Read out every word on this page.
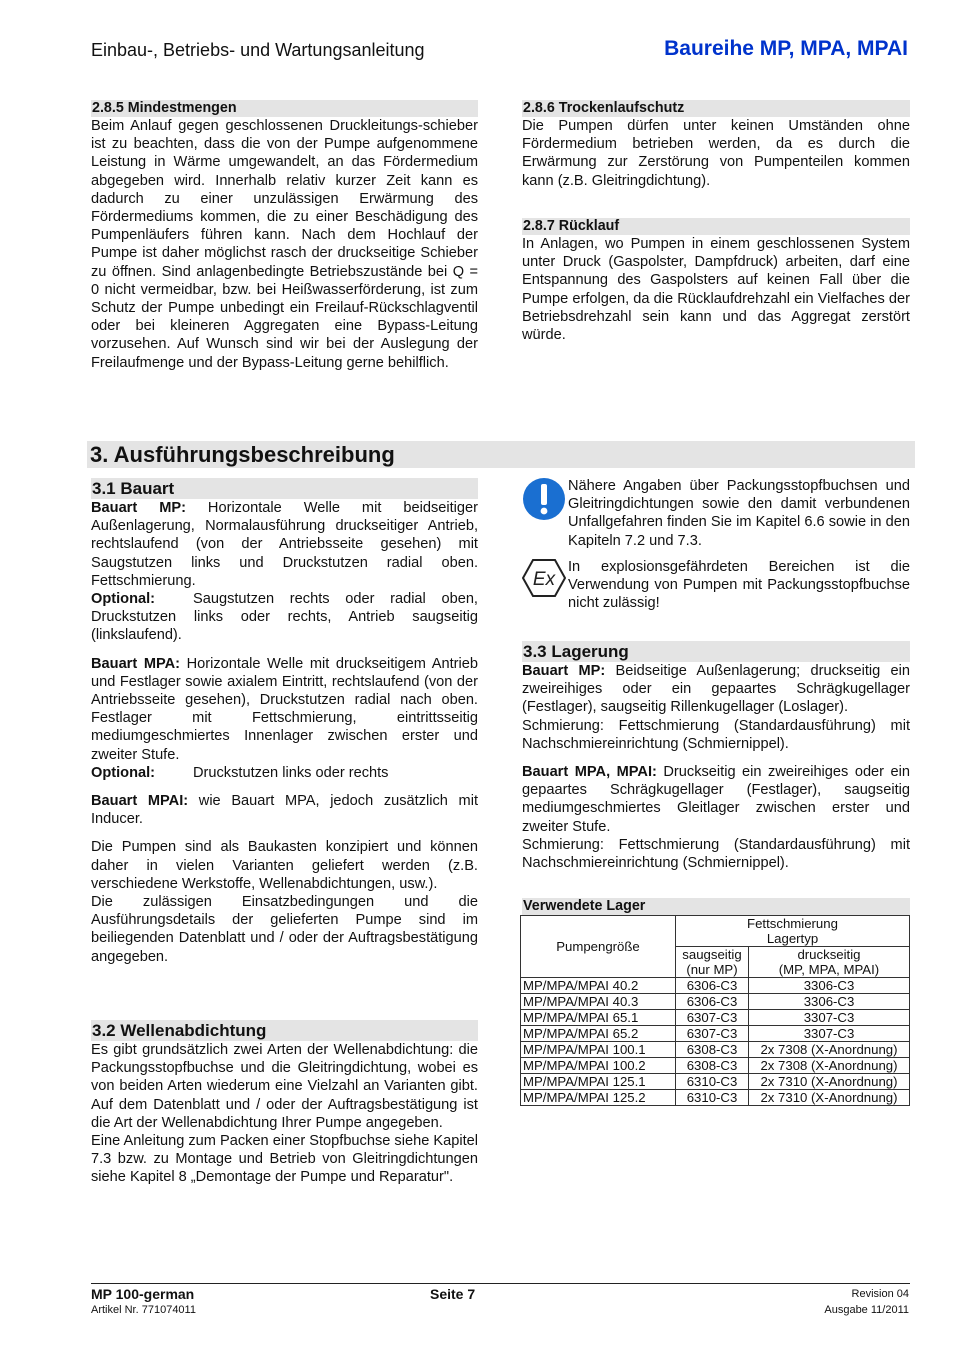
Einbau-, Betriebs- und Wartungsanleitung	Baureihe MP, MPA, MPAI
2.8.5 Mindestmengen

Beim Anlauf gegen geschlossenen Druckleitungs-schieber ist zu beachten, dass die von der Pumpe aufgenommene Leistung in Wärme umgewandelt, an das Fördermedium abgegeben wird. Innerhalb relativ kurzer Zeit kann es dadurch zu einer unzulässigen Erwärmung des Fördermediums kommen, die zu einer Beschädigung des Pumpenläufers führen kann. Nach dem Hochlauf der Pumpe ist daher möglichst rasch der druckseitige Schieber zu öffnen. Sind anlagenbedingte Betriebszustände bei Q = 0 nicht vermeidbar, bzw. bei Heißwasserförderung, ist zum Schutz der Pumpe unbedingt ein Freilauf-Rückschlagventil oder bei kleineren Aggregaten eine Bypass-Leitung vorzusehen. Auf Wunsch sind wir bei der Auslegung der Freilaufmenge und der Bypass-Leitung gerne behilflich.

2.8.6 Trockenlaufschutz

Die Pumpen dürfen unter keinen Umständen ohne Fördermedium betrieben werden, da es durch die Erwärmung zur Zerstörung von Pumpenteilen kommen kann (z.B. Gleitringdichtung).

2.8.7 Rücklauf

In Anlagen, wo Pumpen in einem geschlossenen System unter Druck (Gaspolster, Dampfdruck) arbeiten, darf eine Entspannung des Gaspolsters auf keinen Fall über die Pumpe erfolgen, da die Rücklaufdrehzahl ein Vielfaches der Betriebsdrehzahl sein kann und das Aggregat zerstört würde.

3. Ausführungsbeschreibung
3.1 Bauart

Bauart MP: Horizontale Welle mit beidseitiger Außenlagerung, Normalausführung druckseitiger Antrieb, rechtslaufend (von der Antriebsseite gesehen) mit Saugstutzen links und Druckstutzen radial oben. Fettschmierung.

Optional:	Saugstutzen rechts oder radial oben, Druckstutzen links oder rechts, Antrieb saugseitig (linkslaufend).

Bauart MPA: Horizontale Welle mit druckseitigem Antrieb und Festlager sowie axialem Eintritt, rechtslaufend (von der Antriebsseite gesehen), Druckstutzen radial nach oben. Festlager mit Fettschmierung, eintrittsseitig mediumgeschmiertes Innenlager zwischen erster und zweiter Stufe.

Optional:	Druckstutzen links oder rechts

Bauart MPAI: wie Bauart MPA, jedoch zusätzlich mit Inducer.

Die Pumpen sind als Baukasten konzipiert und können daher in vielen Varianten geliefert werden (z.B. verschiedene Werkstoffe, Wellenabdichtungen, usw.).

Die zulässigen Einsatzbedingungen und die Ausführungsdetails der gelieferten Pumpe sind im beiliegenden Datenblatt und / oder der Auftragsbestätigung angegeben.

3.2 Wellenabdichtung

Es gibt grundsätzlich zwei Arten der Wellenabdichtung: die Packungsstopfbuchse und die Gleitringdichtung, wobei es von beiden Arten wiederum eine Vielzahl an Varianten gibt. Auf dem Datenblatt und / oder der Auftragsbestätigung ist die Art der Wellenabdichtung Ihrer Pumpe angegeben.

Eine Anleitung zum Packen einer Stopfbuchse siehe Kapitel 7.3 bzw. zu Montage und Betrieb von Gleitringdichtungen siehe Kapitel 8 „Demontage der Pumpe und Reparatur".

Nähere Angaben über Packungsstopfbuchsen und Gleitringdichtungen sowie den damit verbundenen Unfallgefahren finden Sie im Kapitel 6.6 sowie in den Kapiteln 7.2 und 7.3.
Ex
In explosionsgefährdeten Bereichen ist die Verwendung von Pumpen mit Packungsstopfbuchse nicht zulässig!
3.3 Lagerung

Bauart MP: Beidseitige Außenlagerung; druckseitig ein zweireihiges oder ein gepaartes Schrägkugellager (Festlager), saugseitig Rillenkugellager (Loslager).

Schmierung: Fettschmierung (Standardausführung) mit Nachschmiereinrichtung (Schmiernippel).

Bauart MPA, MPAI: Druckseitig ein zweireihiges oder ein gepaartes Schrägkugellager (Festlager), saugseitig mediumgeschmiertes Gleitlager zwischen erster und zweiter Stufe.

Schmierung: Fettschmierung (Standardausführung) mit Nachschmiereinrichtung (Schmiernippel).

Verwendete Lager
Pumpengröße	Fettschmierung
Lagertyp	
	saugseitig	druckseitig
	(nur MP)	(MP, MPA, MPAI)
MP/MPA/MPAI 40.2	6306-C3	3306-C3
MP/MPA/MPAI 40.3	6306-C3	3306-C3
MP/MPA/MPAI 65.1	6307-C3	3307-C3
MP/MPA/MPAI 65.2	6307-C3	3307-C3
MP/MPA/MPAI 100.1	6308-C3	2x 7308 (X-Anordnung)
MP/MPA/MPAI 100.2	6308-C3	2x 7308 (X-Anordnung)
MP/MPA/MPAI 125.1	6310-C3	2x 7310 (X-Anordnung)
MP/MPA/MPAI 125.2	6310-C3	2x 7310 (X-Anordnung)
MP 100-german
Artikel Nr. 771074011
Seite 7	Revision 04
Ausgabe 11/2011
